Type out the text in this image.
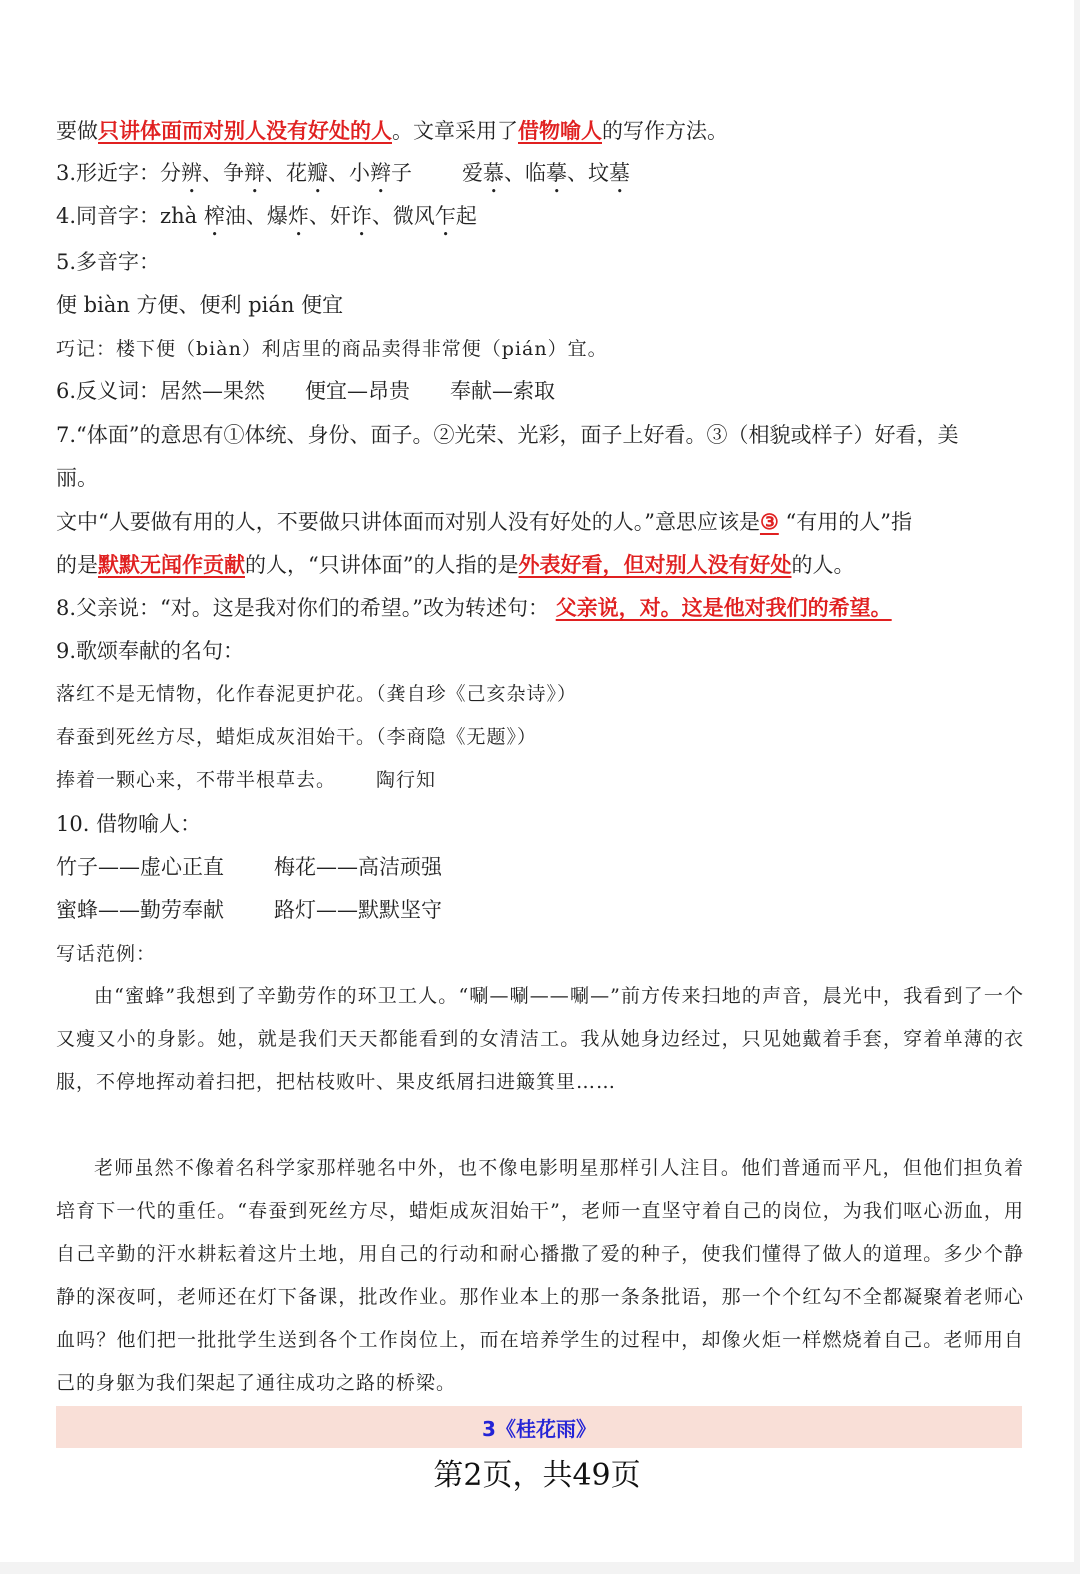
要做只讲体面而对别人没有好处的人。文章采用了借物喻人的写作方法。
3.形近字：分辨、争辩、花瓣、小辫子 爱慕、临摹、坟墓
4.同音字：zhà 榨油、爆炸、奸诈、微风乍起
5.多音字：
便 biàn 方便、便利 pián 便宜
巧记：楼下便（biàn）利店里的商品卖得非常便（pián）宜。
6.反义词：居然—果然 便宜—昂贵 奉献—索取
7.“体面”的意思有①体统、身份、面子。②光荣、光彩，面子上好看。③（相貌或样子）好看，美
丽。
文中“人要做有用的人，不要做只讲体面而对别人没有好处的人。”意思应该是③ “有用的人”指
的是默默无闻作贡献的人，“只讲体面”的人指的是外表好看，但对别人没有好处的人。
8.父亲说：“对。这是我对你们的希望。”改为转述句： 父亲说，对。这是他对我们的希望。
9.歌颂奉献的名句：
落红不是无情物，化作春泥更护花。（龚自珍《己亥杂诗》）
春蚕到死丝方尽，蜡炬成灰泪始干。（李商隐《无题》）
捧着一颗心来，不带半根草去。 陶行知
10. 借物喻人：
竹子——虚心正直 梅花——高洁顽强
蜜蜂——勤劳奉献 路灯——默默坚守
写话范例：
由“蜜蜂”我想到了辛勤劳作的环卫工人。“唰—唰——唰—”前方传来扫地的声音，晨光中，我看到了一个又瘦又小的身影。她，就是我们天天都能看到的女清洁工。我从她身边经过，只见她戴着手套，穿着单薄的衣服，不停地挥动着扫把，把枯枝败叶、果皮纸屑扫进簸箕里……
老师虽然不像着名科学家那样驰名中外，也不像电影明星那样引人注目。他们普通而平凡，但他们担负着培育下一代的重任。“春蚕到死丝方尽，蜡炬成灰泪始干”，老师一直坚守着自己的岗位，为我们呕心沥血，用自己辛勤的汗水耕耘着这片土地，用自己的行动和耐心播撒了爱的种子，使我们懂得了做人的道理。多少个静静的深夜呵，老师还在灯下备课，批改作业。那作业本上的那一条条批语，那一个个红勾不全都凝聚着老师心血吗？他们把一批批学生送到各个工作岗位上，而在培养学生的过程中，却像火炬一样燃烧着自己。老师用自己的身躯为我们架起了通往成功之路的桥梁。
3《桂花雨》
第2页，共49页
